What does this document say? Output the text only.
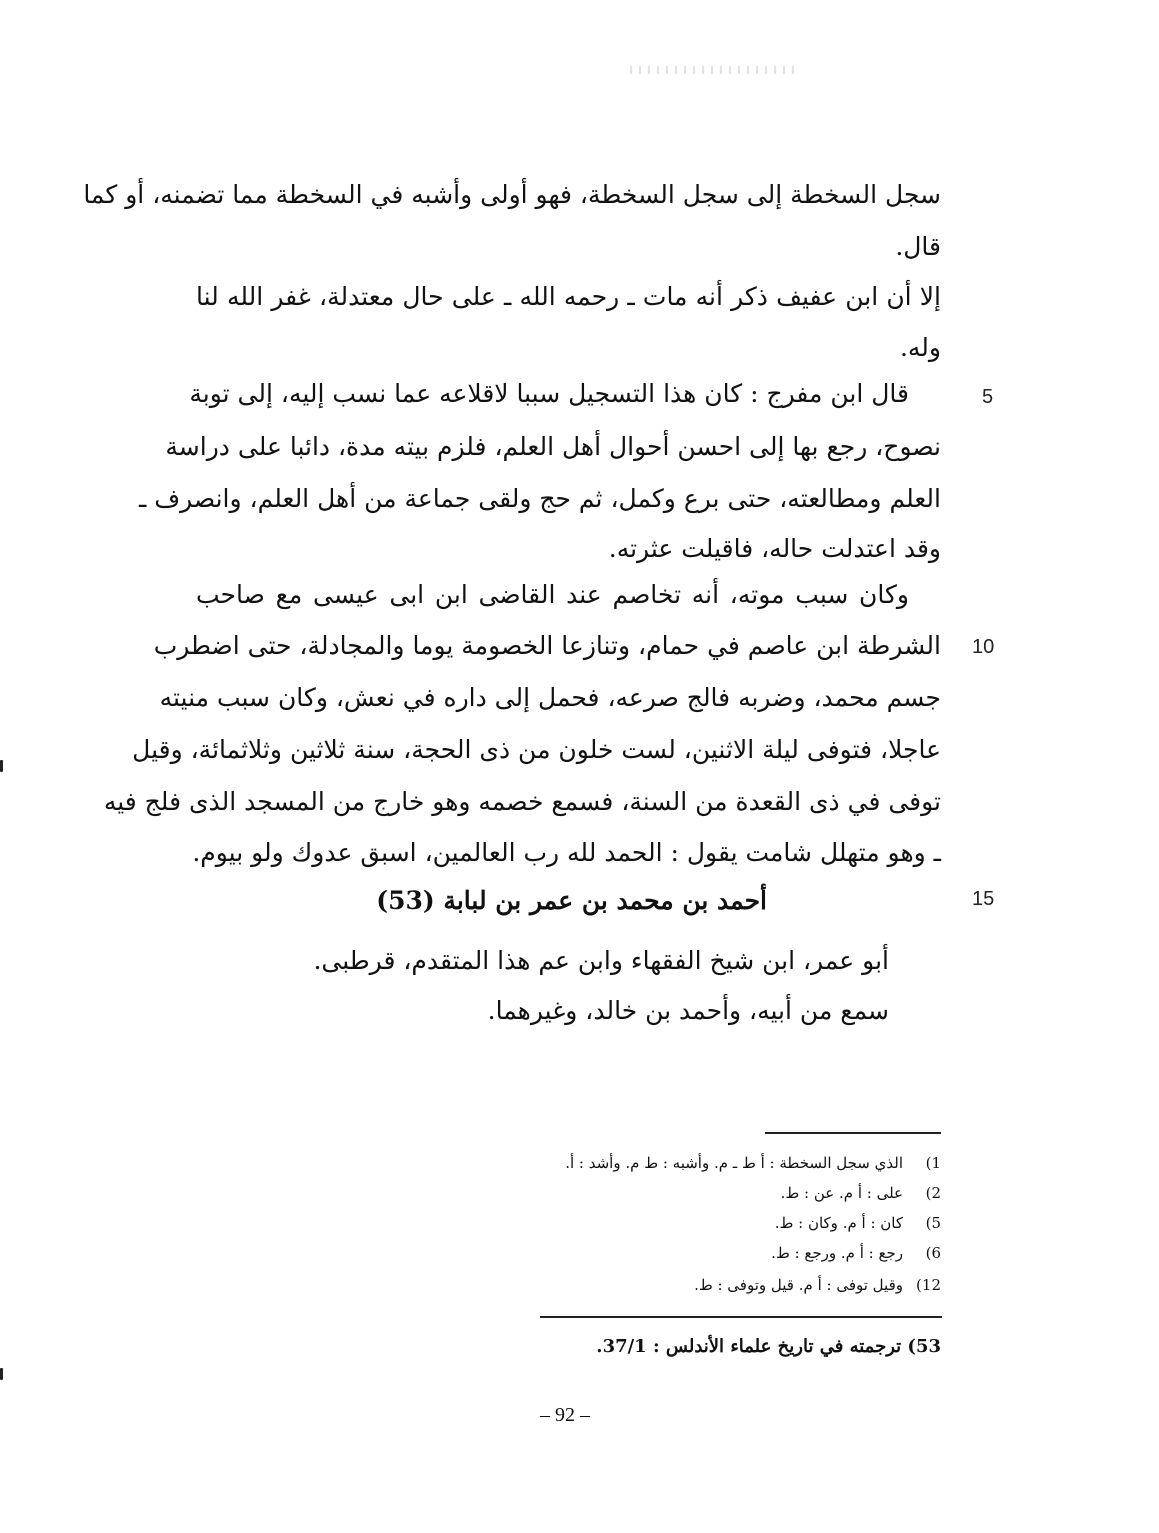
سجل السخطة إلى سجل السخطة، فهو أولى وأشبه في السخطة مما تضمنه، أو كما
قال.
إلا أن ابن عفيف ذكر أنه مات ـ رحمه الله ـ على حال معتدلة، غفر الله لنا
وله.
قال ابن مفرج : كان هذا التسجيل سببا لاقلاعه عما نسب إليه، إلى توبة
نصوح، رجع بها إلى احسن أحوال أهل العلم، فلزم بيته مدة، دائبا على دراسة
العلم ومطالعته، حتى برع وكمل، ثم حج ولقى جماعة من أهل العلم، وانصرف ـ
وقد اعتدلت حاله، فاقيلت عثرته.
وكان سبب موته، أنه تخاصم عند القاضى ابن ابى عيسى مع صاحب
الشرطة ابن عاصم في حمام، وتنازعا الخصومة يوما والمجادلة، حتى اضطرب
جسم محمد، وضربه فالج صرعه، فحمل إلى داره في نعش، وكان سبب منيته
عاجلا، فتوفى ليلة الاثنين، لست خلون من ذى الحجة، سنة ثلاثين وثلاثمائة، وقيل
توفى في ذى القعدة من السنة، فسمع خصمه وهو خارج من المسجد الذى فلج فيه
ـ وهو متهلل شامت يقول : الحمد لله رب العالمين، اسبق عدوك ولو بيوم.
5
10
15
أحمد بن محمد بن عمر بن لبابة (53)
أبو عمر، ابن شيخ الفقهاء وابن عم هذا المتقدم، قرطبى.
سمع من أبيه، وأحمد بن خالد، وغيرهما.
1)الذي سجل السخطة : أ ط ـ م. وأشبه : ط م. وأشد : أ.
2)على : أ م. عن : ط.
5)كان : أ م. وكان : ط.
6)رجع : أ م. ورجع : ط.
12)وقيل توفى : أ م. قيل وتوفى : ط.
53) ترجمته في تاريخ علماء الأندلس : 37/1.
– 92 –
